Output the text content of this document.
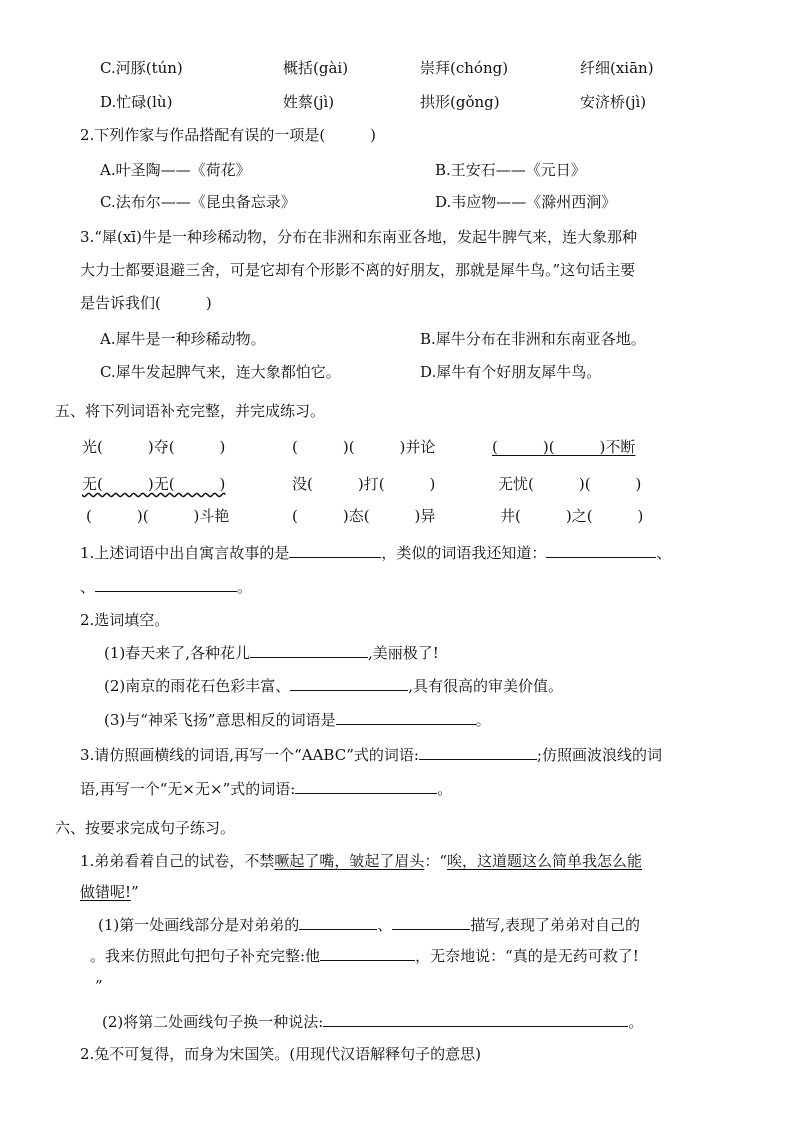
C.河豚(tún)	概括(gài)	崇拜(chóng)	纤细(xiān)
D.忙碌(lù)	姓蔡(jì)	拱形(gǒng)	安济桥(jì)
2.下列作家与作品搭配有误的一项是(　　　)
A.叶圣陶——《荷花》	B.王安石——《元日》
C.法布尔——《昆虫备忘录》	D.韦应物——《滁州西涧》
3.“犀(xī)牛是一种珍稀动物，分布在非洲和东南亚各地，发起牛脾气来，连大象那种
大力士都要退避三舍，可是它却有个形影不离的好朋友，那就是犀牛鸟。”这句话主要
是告诉我们(　　　)
A.犀牛是一种珍稀动物。	B.犀牛分布在非洲和东南亚各地。
C.犀牛发起脾气来，连大象都怕它。	D.犀牛有个好朋友犀牛鸟。
五、将下列词语补充完整，并完成练习。
光(　　　)夺(　　　)	(　　　)(　　　)并论	(　　　)(　　　)不断
无(　　　)无(　　　)	没(　　　)打(　　　)	无忧(　　　)(　　　)
(　　　)(　　　)斗艳	(　　　)态(　　　)异	井(　　　)之(　　　)
1.上述词语中出自寓言故事的是	，类似的词语我还知道：	、
、	。
2.选词填空。
(1)春天来了,各种花儿	,美丽极了!
(2)南京的雨花石色彩丰富、	,具有很高的审美价值。
(3)与“神采飞扬”意思相反的词语是	。
3.请仿照画横线的词语,再写一个“AABC”式的词语:	;仿照画波浪线的词
语,再写一个“无×无×”式的词语:	。
六、按要求完成句子练习。
1.弟弟看着自己的试卷，不禁噘起了嘴，皱起了眉头：“唉，这道题这么简单我怎么能
做错呢!”
(1)第一处画线部分是对弟弟的	、	描写,表现了弟弟对自己的
。我来仿照此句把句子补充完整:他	，无奈地说：“真的是无药可救了!
”
(2)将第二处画线句子换一种说法:	。
2.兔不可复得，而身为宋国笑。(用现代汉语解释句子的意思)
